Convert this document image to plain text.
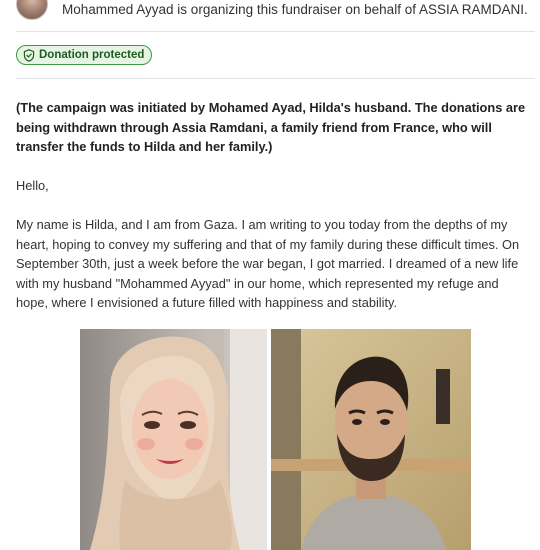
Mohammed Ayyad is organizing this fundraiser on behalf of ASSIA RAMDANI.
Donation protected

(The campaign was initiated by Mohamed Ayad, Hilda's husband. The donations are being withdrawn through Assia Ramdani, a family friend from France, who will transfer the funds to Hilda and her family.)

Hello,

My name is Hilda, and I am from Gaza. I am writing to you today from the depths of my heart, hoping to convey my suffering and that of my family during these difficult times. On September 30th, just a week before the war began, I got married. I dreamed of a new life with my husband "Mohammed Ayyad" in our home, which represented my refuge and hope, where I envisioned a future filled with happiness and stability.
